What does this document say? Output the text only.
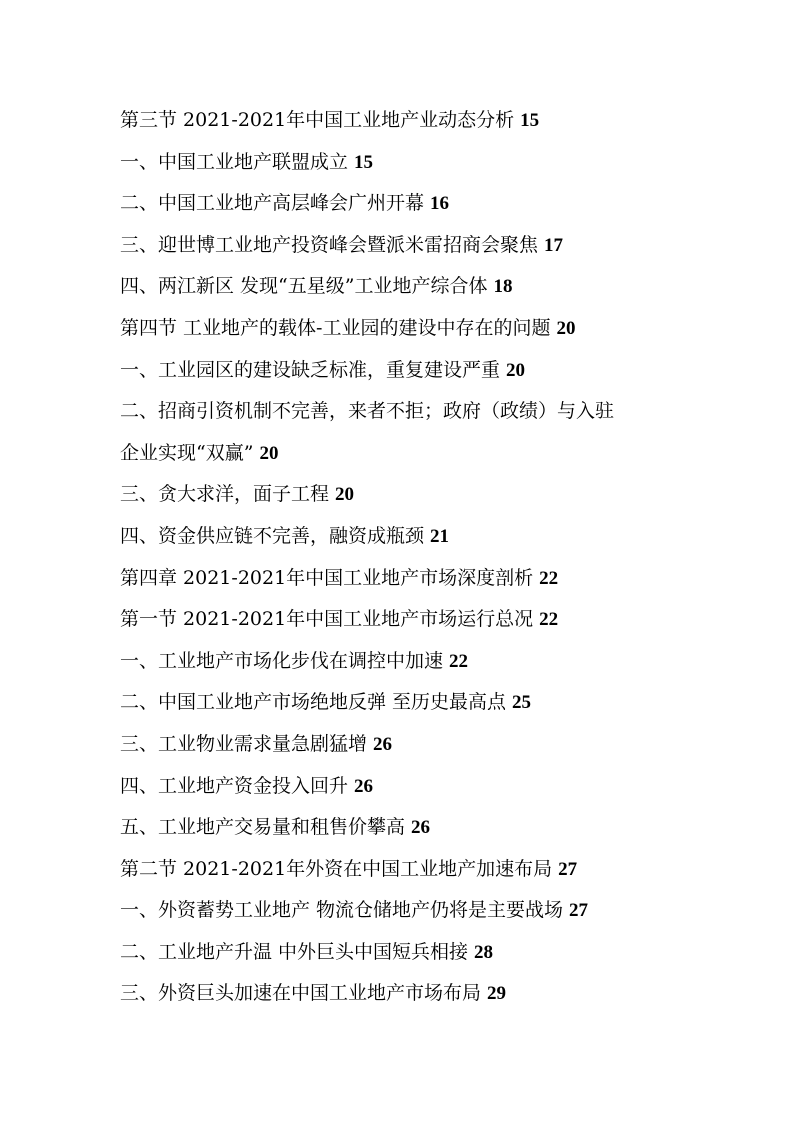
第三节 2021-2021年中国工业地产业动态分析 15
一、中国工业地产联盟成立 15
二、中国工业地产高层峰会广州开幕 16
三、迎世博工业地产投资峰会暨派米雷招商会聚焦 17
四、两江新区 发现“五星级”工业地产综合体 18
第四节 工业地产的载体-工业园的建设中存在的问题 20
一、工业园区的建设缺乏标准，重复建设严重 20
二、招商引资机制不完善，来者不拒；政府（政绩）与入驻
企业实现“双赢” 20
三、贪大求洋，面子工程 20
四、资金供应链不完善，融资成瓶颈 21
第四章 2021-2021年中国工业地产市场深度剖析 22
第一节 2021-2021年中国工业地产市场运行总况 22
一、工业地产市场化步伐在调控中加速 22
二、中国工业地产市场绝地反弹 至历史最高点 25
三、工业物业需求量急剧猛增 26
四、工业地产资金投入回升 26
五、工业地产交易量和租售价攀高 26
第二节 2021-2021年外资在中国工业地产加速布局 27
一、外资蓄势工业地产 物流仓储地产仍将是主要战场 27
二、工业地产升温 中外巨头中国短兵相接 28
三、外资巨头加速在中国工业地产市场布局 29
